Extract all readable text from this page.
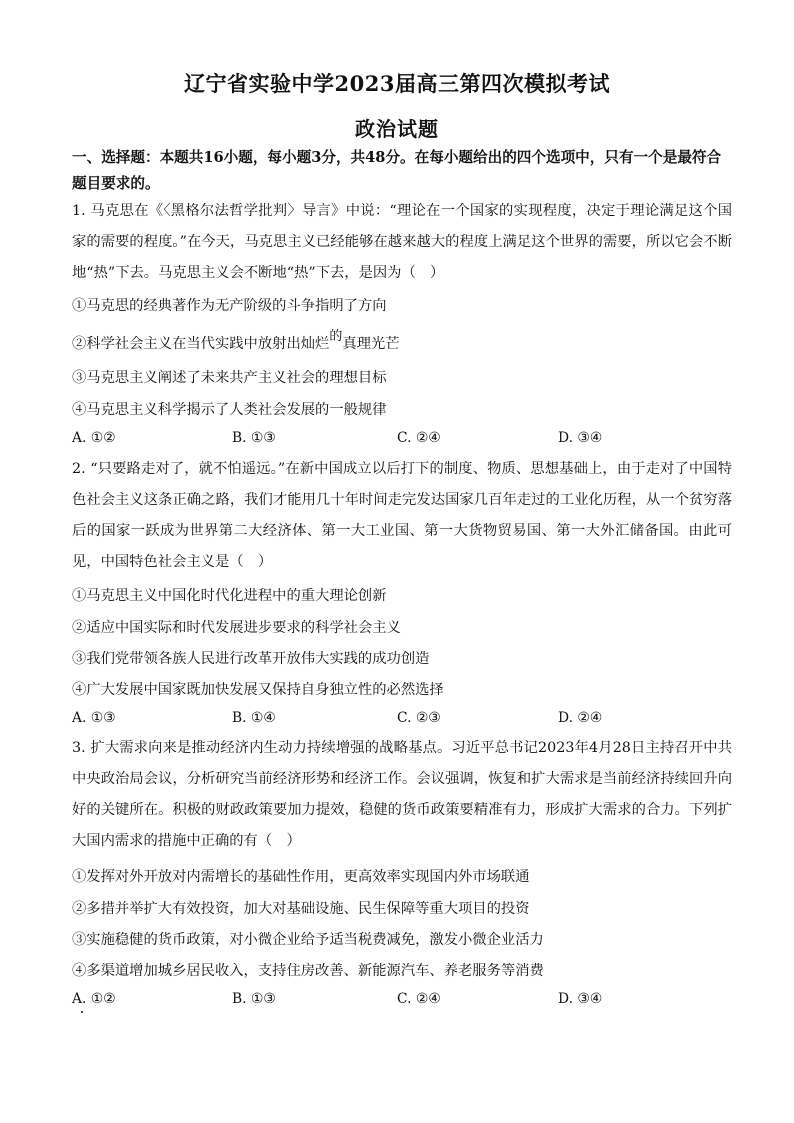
辽宁省实验中学2023届高三第四次模拟考试
政治试题
一、选择题：本题共16小题，每小题3分，共48分。在每小题给出的四个选项中，只有一个是最符合题目要求的。
1. 马克思在《〈黑格尔法哲学批判〉导言》中说：“理论在一个国家的实现程度，决定于理论满足这个国家的需要的程度。”在今天，马克思主义已经能够在越来越大的程度上满足这个世界的需要，所以它会不断地“热”下去。马克思主义会不断地“热”下去，是因为（　）
①马克思的经典著作为无产阶级的斗争指明了方向
②科学社会主义在当代实践中放射出灿烂的真理光芒
③马克思主义阐述了未来共产主义社会的理想目标
④马克思主义科学揭示了人类社会发展的一般规律
A. ①②	B. ①③	C. ②④	D. ③④
2. “只要路走对了，就不怕遥远。”在新中国成立以后打下的制度、物质、思想基础上，由于走对了中国特色社会主义这条正确之路，我们才能用几十年时间走完发达国家几百年走过的工业化历程，从一个贫穷落后的国家一跃成为世界第二大经济体、第一大工业国、第一大货物贸易国、第一大外汇储备国。由此可见，中国特色社会主义是（　）
①马克思主义中国化时代化进程中的重大理论创新
②适应中国实际和时代发展进步要求的科学社会主义
③我们党带领各族人民进行改革开放伟大实践的成功创造
④广大发展中国家既加快发展又保持自身独立性的必然选择
A. ①③	B. ①④	C. ②③	D. ②④
3. 扩大需求向来是推动经济内生动力持续增强的战略基点。习近平总书记2023年4月28日主持召开中共中央政治局会议，分析研究当前经济形势和经济工作。会议强调，恢复和扩大需求是当前经济持续回升向好的关键所在。积极的财政政策要加力提效，稳健的货币政策要精准有力，形成扩大需求的合力。下列扩大国内需求的措施中正确的有（　）
①发挥对外开放对内需增长的基础性作用，更高效率实现国内外市场联通
②多措并举扩大有效投资，加大对基础设施、民生保障等重大项目的投资
③实施稳健的货币政策，对小微企业给予适当税费减免，激发小微企业活力
④多渠道增加城乡居民收入，支持住房改善、新能源汽车、养老服务等消费
A. ①②	B. ①③	C. ②④	D. ③④
